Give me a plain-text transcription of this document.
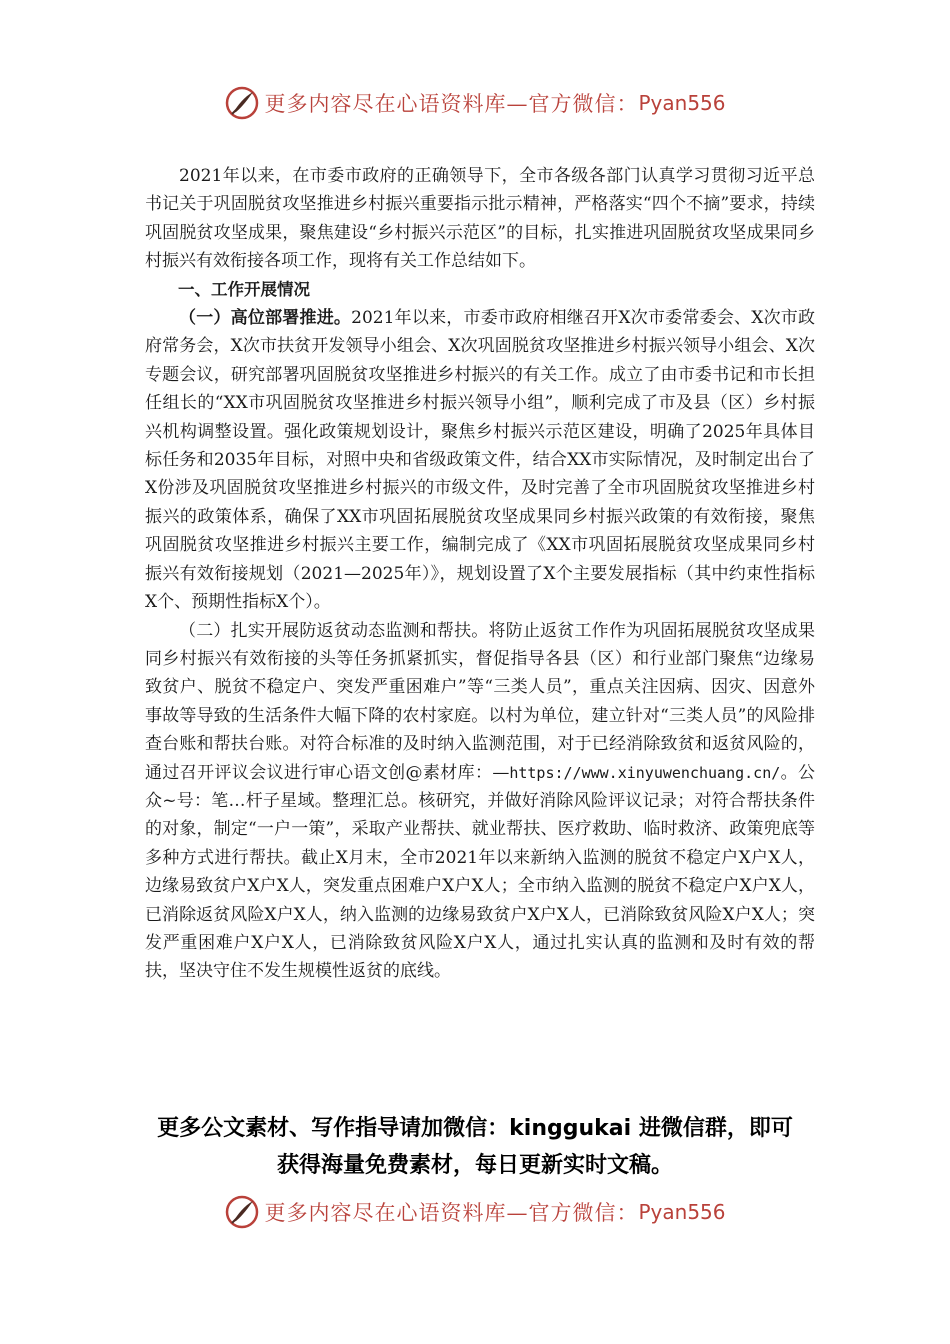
更多内容尽在心语资料库—官方微信： Pyan556

2021年以来，在市委市政府的正确领导下，全市各级各部门认真学习贯彻习近平总书记关于巩固脱贫攻坚推进乡村振兴重要指示批示精神，严格落实“四个不摘”要求，持续巩固脱贫攻坚成果，聚焦建设“乡村振兴示范区”的目标，扎实推进巩固脱贫攻坚成果同乡村振兴有效衔接各项工作，现将有关工作总结如下。

一、工作开展情况

（一）高位部署推进。2021年以来，市委市政府相继召开X次市委常委会、X次市政府常务会，X次市扶贫开发领导小组会、X次巩固脱贫攻坚推进乡村振兴领导小组会、X次专题会议，研究部署巩固脱贫攻坚推进乡村振兴的有关工作。成立了由市委书记和市长担任组长的“XX市巩固脱贫攻坚推进乡村振兴领导小组”，顺利完成了市及县（区）乡村振兴机构调整设置。强化政策规划设计，聚焦乡村振兴示范区建设，明确了2025年具体目标任务和2035年目标，对照中央和省级政策文件，结合XX市实际情况，及时制定出台了X份涉及巩固脱贫攻坚推进乡村振兴的市级文件，及时完善了全市巩固脱贫攻坚推进乡村振兴的政策体系，确保了XX市巩固拓展脱贫攻坚成果同乡村振兴政策的有效衔接，聚焦巩固脱贫攻坚推进乡村振兴主要工作，编制完成了《XX市巩固拓展脱贫攻坚成果同乡村振兴有效衔接规划（2021—2025年）》，规划设置了X个主要发展指标（其中约束性指标X个、预期性指标X个）。

（二）扎实开展防返贫动态监测和帮扶。将防止返贫工作作为巩固拓展脱贫攻坚成果同乡村振兴有效衔接的头等任务抓紧抓实，督促指导各县（区）和行业部门聚焦“边缘易致贫户、脱贫不稳定户、突发严重困难户”等“三类人员”，重点关注因病、因灾、因意外事故等导致的生活条件大幅下降的农村家庭。以村为单位，建立针对“三类人员”的风险排查台账和帮扶台账。对符合标准的及时纳入监测范围，对于已经消除致贫和返贫风险的，通过召开评议会议进行审心语文创@素材库：—https://www.xinyuwenchuang.cn/。公众~号：笔…杆子星域。整理汇总。核研究，并做好消除风险评议记录；对符合帮扶条件的对象，制定“一户一策”，采取产业帮扶、就业帮扶、医疗救助、临时救济、政策兜底等多种方式进行帮扶。截止X月末，全市2021年以来新纳入监测的脱贫不稳定户X户X人，边缘易致贫户X户X人，突发重点困难户X户X人；全市纳入监测的脱贫不稳定户X户X人，已消除返贫风险X户X人，纳入监测的边缘易致贫户X户X人，已消除致贫风险X户X人；突发严重困难户X户X人，已消除致贫风险X户X人，通过扎实认真的监测和及时有效的帮扶，坚决守住不发生规模性返贫的底线。

更多公文素材、写作指导请加微信：kinggukai 进微信群，即可
获得海量免费素材，每日更新实时文稿。
更多内容尽在心语资料库—官方微信： Pyan556
